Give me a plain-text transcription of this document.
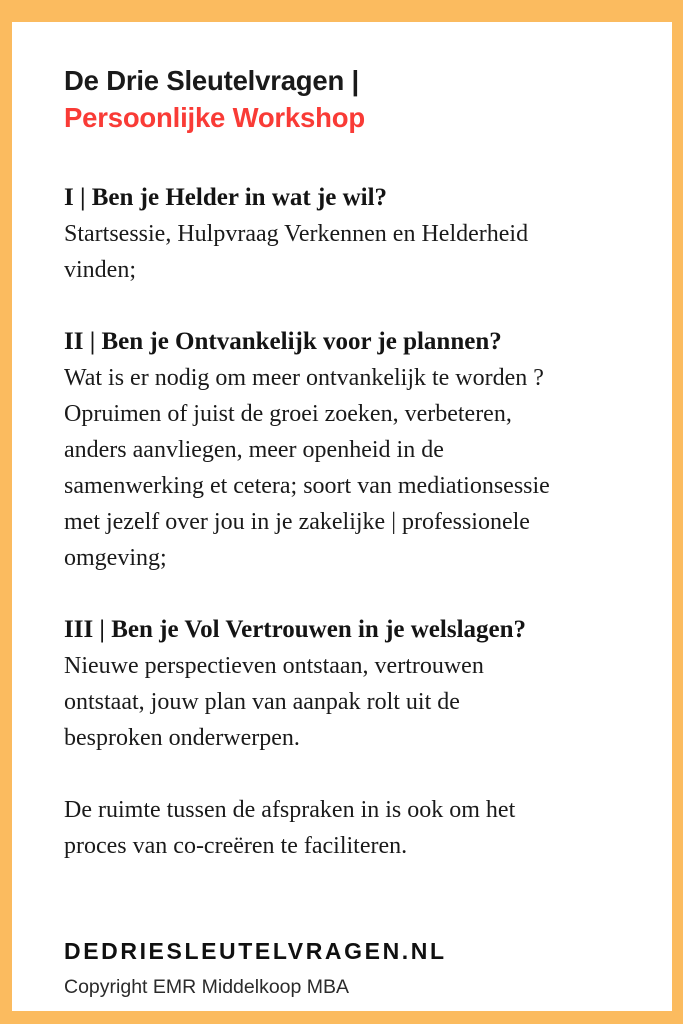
De Drie Sleutelvragen |
Persoonlijke Workshop
I | Ben je Helder in wat je wil?

Startsessie, Hulpvraag Verkennen en Helderheid
vinden;

II | Ben je Ontvankelijk voor je plannen?

Wat is er nodig om meer ontvankelijk te worden ?
Opruimen of juist de groei zoeken, verbeteren,
anders aanvliegen, meer openheid in de
samenwerking et cetera; soort van mediationsessie
met jezelf over jou in je zakelijke | professionele
omgeving;

III | Ben je Vol Vertrouwen in je welslagen?

Nieuwe perspectieven ontstaan, vertrouwen
ontstaat, jouw plan van aanpak rolt uit de
besproken onderwerpen.

De ruimte tussen de afspraken in is ook om het
proces van co-creëren te faciliteren.

DEDRIESLEUTELVRAGEN.NL
Copyright EMR Middelkoop MBA
